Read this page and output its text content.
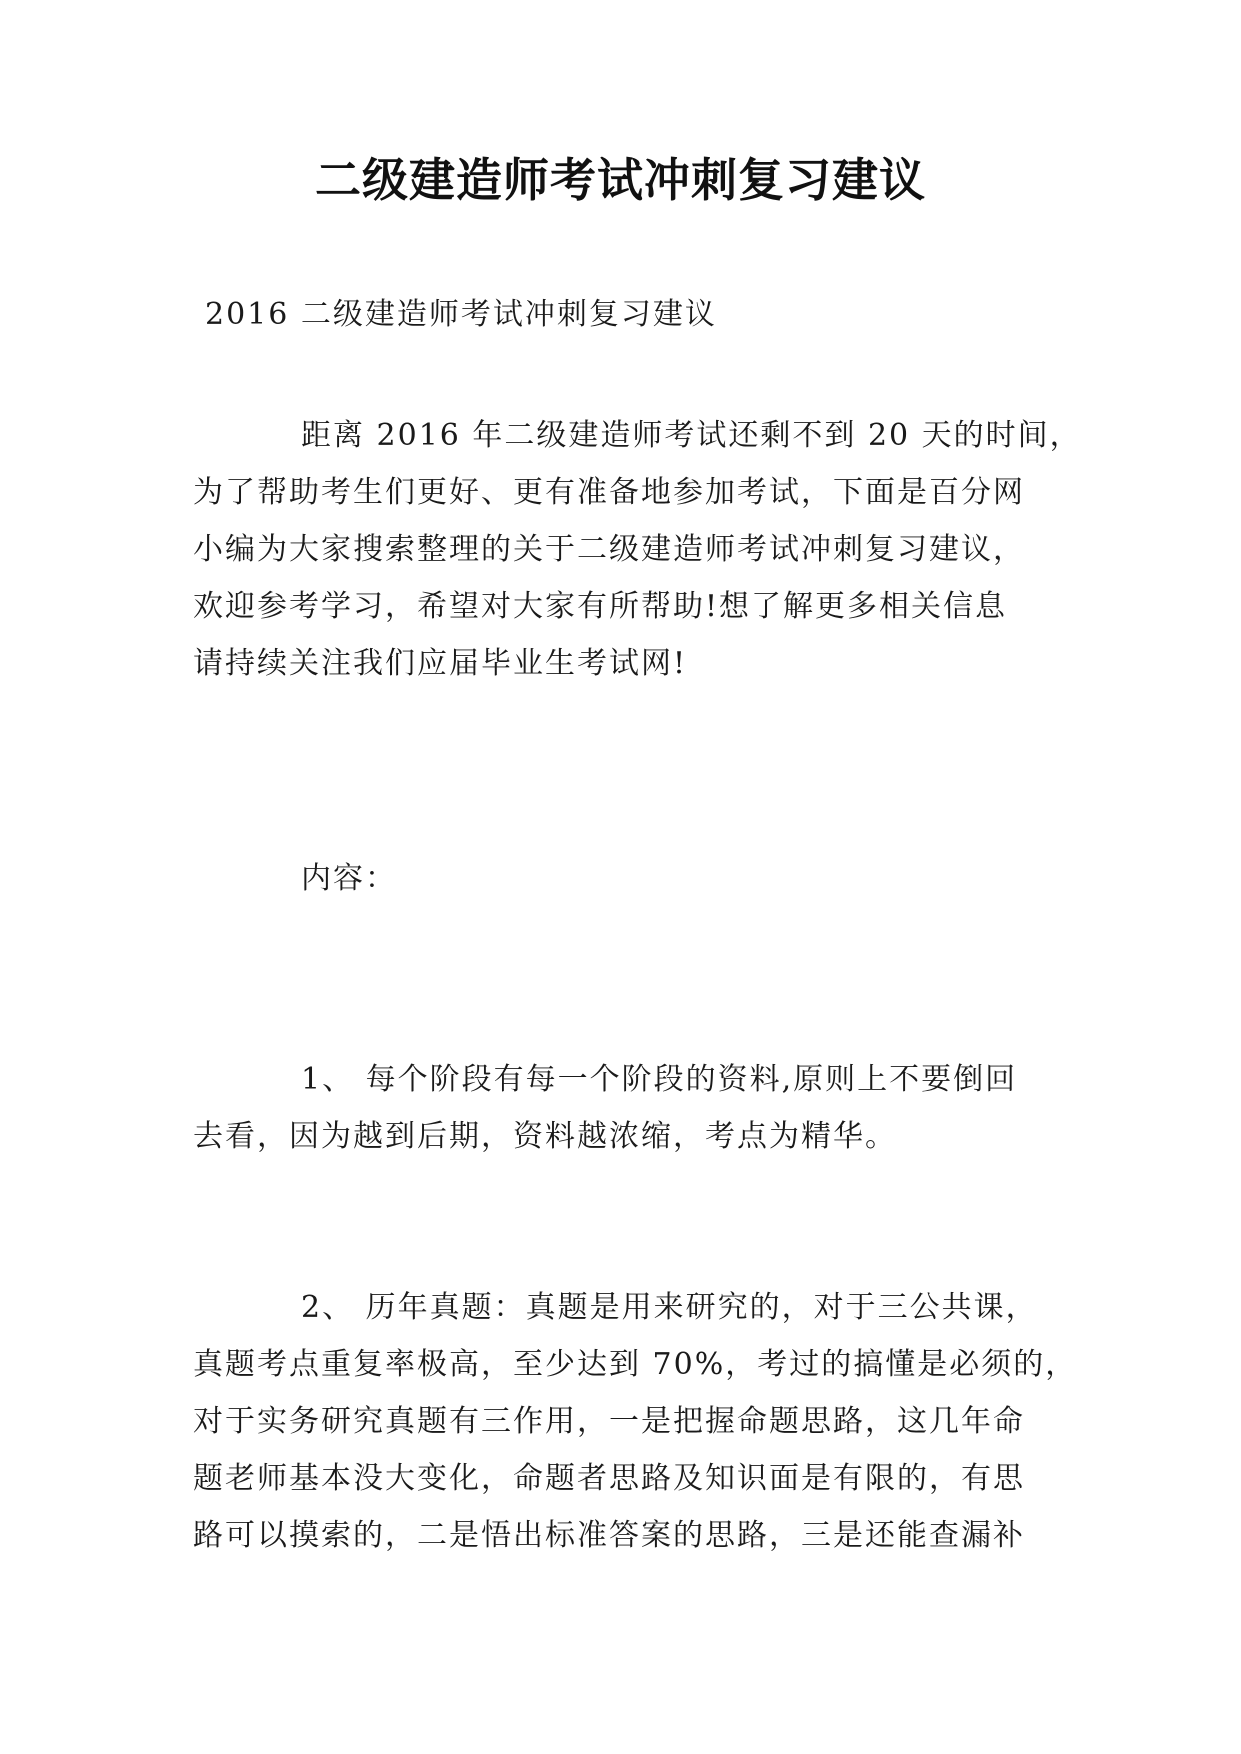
二级建造师考试冲刺复习建议
2016 二级建造师考试冲刺复习建议
距离 2016 年二级建造师考试还剩不到 20 天的时间，
为了帮助考生们更好、更有准备地参加考试，下面是百分网
小编为大家搜索整理的关于二级建造师考试冲刺复习建议，
欢迎参考学习，希望对大家有所帮助!想了解更多相关信息
请持续关注我们应届毕业生考试网!
内容：
1、 每个阶段有每一个阶段的资料,原则上不要倒回
去看，因为越到后期，资料越浓缩，考点为精华。
2、 历年真题：真题是用来研究的，对于三公共课，
真题考点重复率极高，至少达到 70%，考过的搞懂是必须的，
对于实务研究真题有三作用，一是把握命题思路，这几年命
题老师基本没大变化，命题者思路及知识面是有限的，有思
路可以摸索的，二是悟出标准答案的思路，三是还能查漏补
